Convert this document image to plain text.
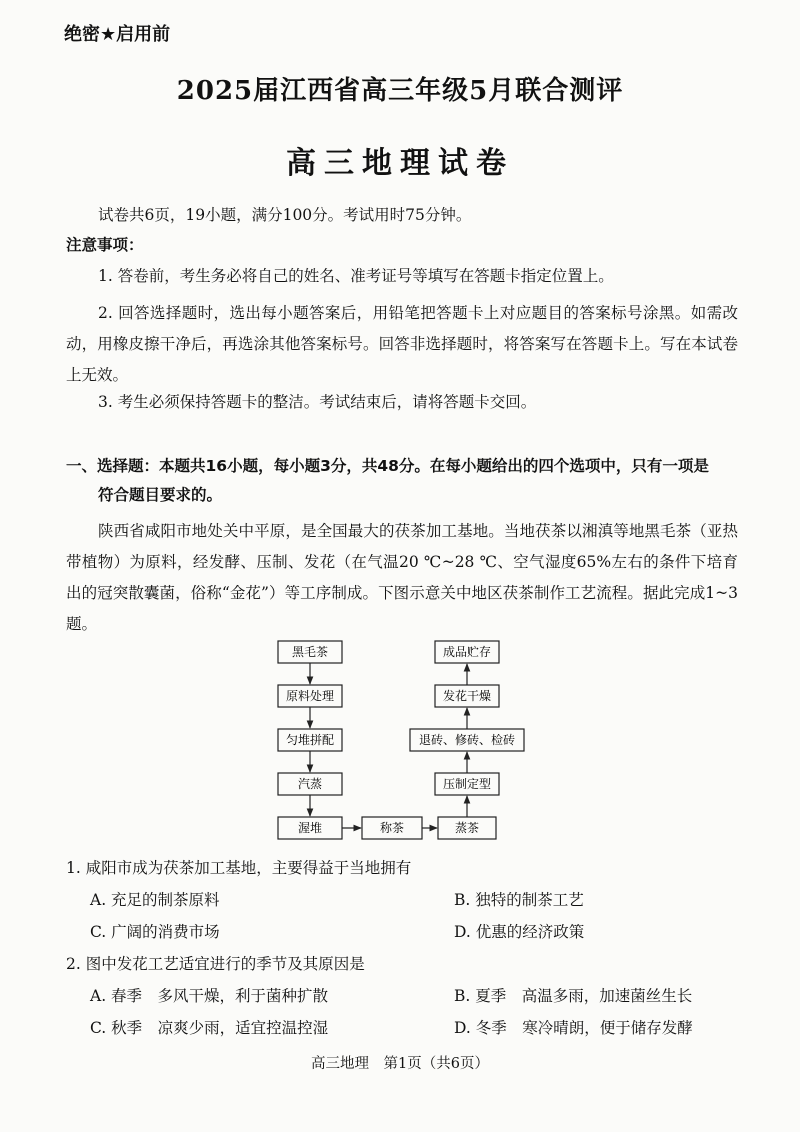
绝密★启用前
2025届江西省高三年级5月联合测评
高三地理试卷
试卷共6页，19小题，满分100分。考试用时75分钟。
注意事项：
1. 答卷前，考生务必将自己的姓名、准考证号等填写在答题卡指定位置上。
2. 回答选择题时，选出每小题答案后，用铅笔把答题卡上对应题目的答案标号涂黑。如需改动，用橡皮擦干净后，再选涂其他答案标号。回答非选择题时，将答案写在答题卡上。写在本试卷上无效。
3. 考生必须保持答题卡的整洁。考试结束后，请将答题卡交回。
一、选择题：本题共16小题，每小题3分，共48分。在每小题给出的四个选项中，只有一项是
符合题目要求的。
陕西省咸阳市地处关中平原，是全国最大的茯茶加工基地。当地茯茶以湘滇等地黑毛茶（亚热带植物）为原料，经发酵、压制、发花（在气温20 ℃~28 ℃、空气湿度65%左右的条件下培育出的冠突散囊菌，俗称“金花”）等工序制成。下图示意关中地区茯茶制作工艺流程。据此完成1~3题。
黑毛茶
原料处理
匀堆拼配
汽蒸
渥堆	称茶	蒸茶
压制定型
退砖、修砖、检砖
发花干燥
成品贮存
1. 咸阳市成为茯茶加工基地，主要得益于当地拥有
A. 充足的制茶原料	B. 独特的制茶工艺
C. 广阔的消费市场	D. 优惠的经济政策
2. 图中发花工艺适宜进行的季节及其原因是
A. 春季　多风干燥，利于菌种扩散	B. 夏季　高温多雨，加速菌丝生长
C. 秋季　凉爽少雨，适宜控温控湿	D. 冬季　寒冷晴朗，便于储存发酵
高三地理　第1页（共6页）
